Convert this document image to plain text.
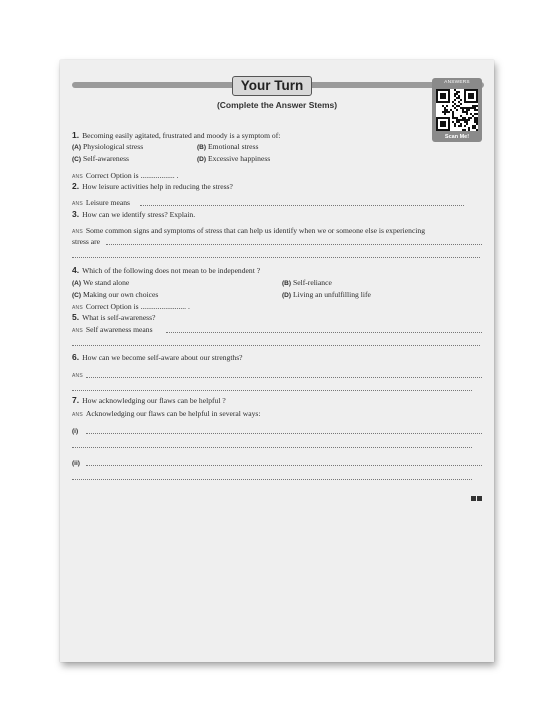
Your Turn
(Complete the Answer Stems)
ANSWERS
Scan Me!
1. Becoming easily agitated, frustrated and moody is a symptom of:
(A) Physiological stress	(B) Emotional stress
(C) Self-awareness	(D) Excessive happiness
ANS Correct Option is .................. .
2. How leisure activities help in reducing the stress?
ANS Leisure means
3. How can we identify stress? Explain.
ANS Some common signs and symptoms of stress that can help us identify when we or someone else is experiencing
stress are
4. Which of the following does not mean to be independent ?
(A) We stand alone	(B) Self-reliance
(C) Making our own choices	(D) Living an unfulfilling life
ANS Correct Option is ........................ .
5. What is self-awareness?
ANS Self awareness means
6. How can we become self-aware about our strengths?
ANS
7. How acknowledging our flaws can be helpful ?
ANS Acknowledging our flaws can be helpful in several ways:
(i)
(ii)
